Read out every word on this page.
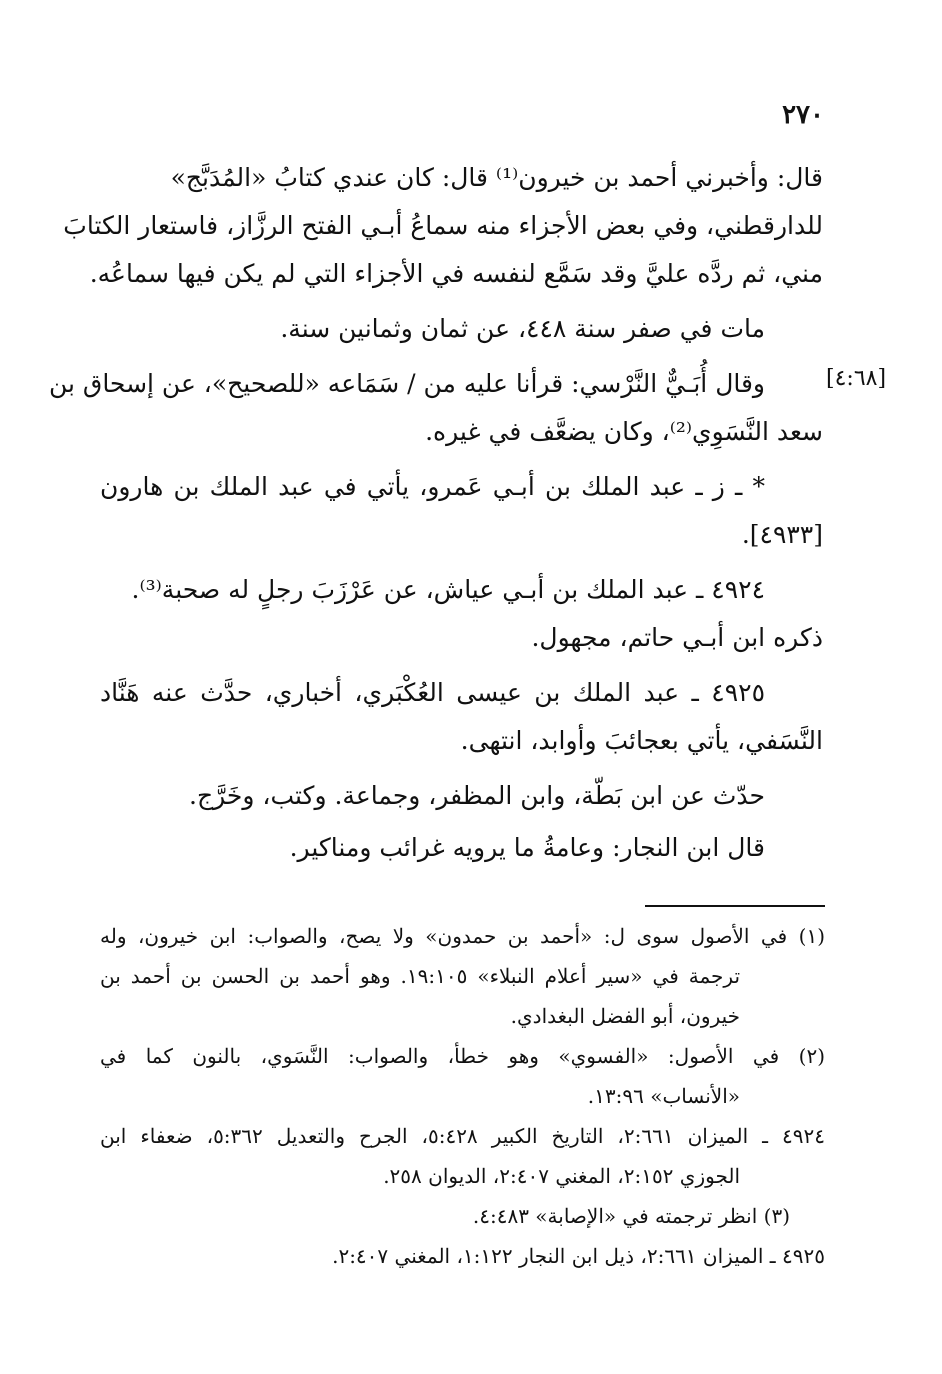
٢٧٠
[٤:٦٨]
قال: وأخبرني أحمد بن خيرون⁽¹⁾ قال: كان عندي كتابُ «المُدَبَّج»
للدارقطني، وفي بعض الأجزاء منه سماعُ أبـي الفتح الرزَّاز، فاستعار الكتابَ
مني، ثم ردَّه عليَّ وقد سَمَّع لنفسه في الأجزاء التي لم يكن فيها سماعُه.
مات في صفر سنة ٤٤٨، عن ثمان وثمانين سنة.
وقال أُبَـيٌّ النَّرْسي: قرأنا عليه من / سَمَاعه «للصحيح»، عن إسحاق بن
سعد النَّسَوِي⁽²⁾، وكان يضعَّف في غيره.
* ـ ز ـ عبد الملك بن أبـي عَمرو، يأتي في عبد الملك بن هارون
[٤٩٣٣].
٤٩٢٤ ـ عبد الملك بن أبـي عياش، عن عَرْزَبَ رجلٍ له صحبة⁽³⁾.
ذكره ابن أبـي حاتم، مجهول.
٤٩٢٥ ـ عبد الملك بن عيسى العُكْبَري، أخباري، حدَّث عنه هَنَّاد
النَّسَفي، يأتي بعجائبَ وأوابد، انتهى.
حدّث عن ابن بَطّة، وابن المظفر، وجماعة. وكتب، وخَرَّج.
قال ابن النجار: وعامةُ ما يرويه غرائب ومناكير.
(١) في الأصول سوى ل: «أحمد بن حمدون» ولا يصح، والصواب: ابن خيرون، وله
ترجمة في «سير أعلام النبلاء» ١٩:١٠٥. وهو أحمد بن الحسن بن أحمد بن
خيرون، أبو الفضل البغدادي.
(٢) في الأصول: «الفسوي» وهو خطأ، والصواب: النَّسَوي، بالنون كما في
«الأنساب» ١٣:٩٦.
٤٩٢٤ ـ الميزان ٢:٦٦١، التاريخ الكبير ٥:٤٢٨، الجرح والتعديل ٥:٣٦٢، ضعفاء ابن
الجوزي ٢:١٥٢، المغني ٢:٤٠٧، الديوان ٢٥٨.
(٣) انظر ترجمته في «الإصابة» ٤:٤٨٣.
٤٩٢٥ ـ الميزان ٢:٦٦١، ذيل ابن النجار ١:١٢٢، المغني ٢:٤٠٧.
